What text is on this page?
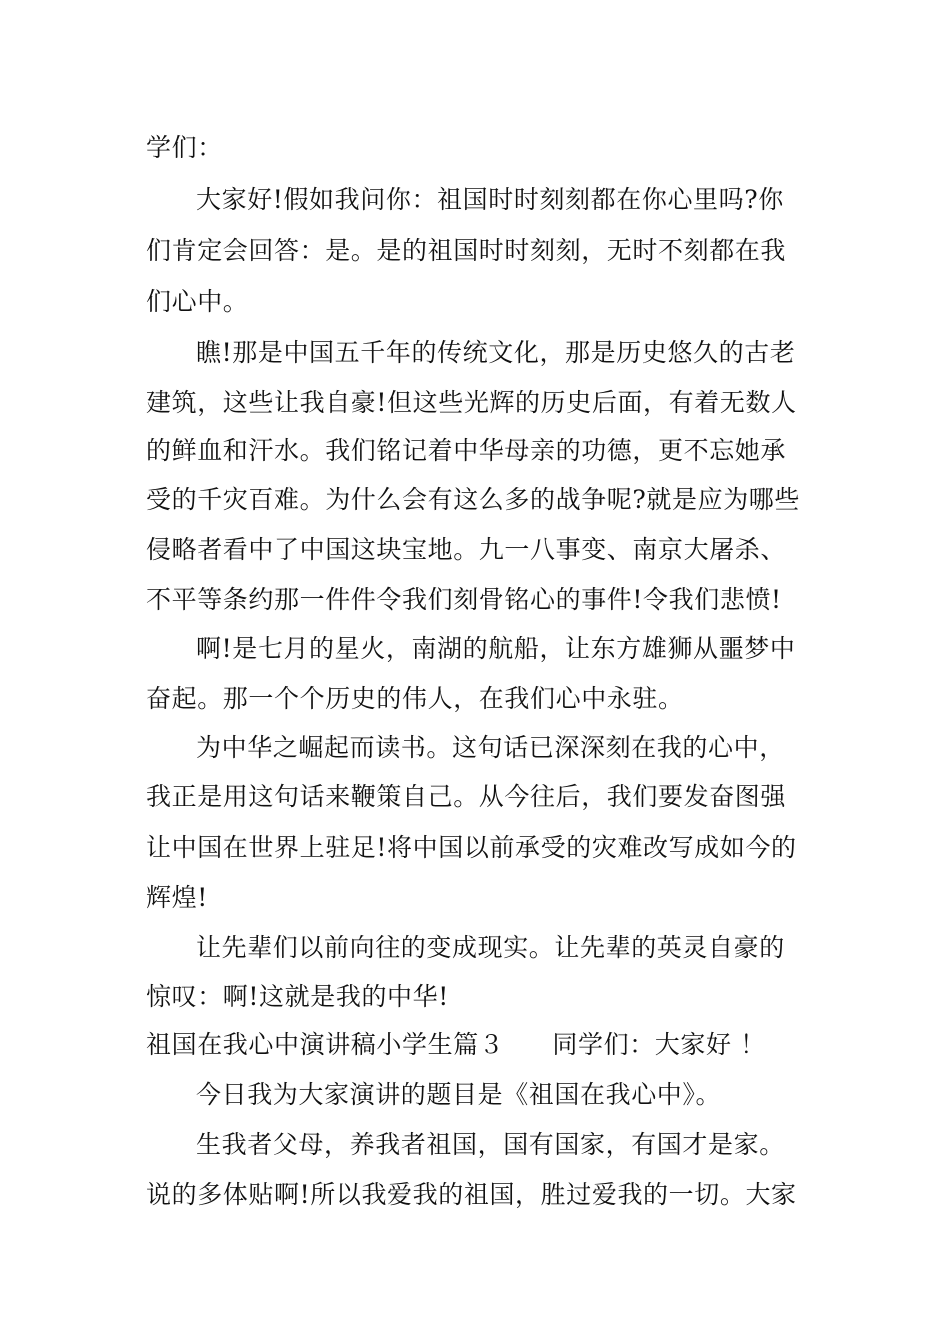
学们：
大家好!假如我问你：祖国时时刻刻都在你心里吗?你
们肯定会回答：是。是的祖国时时刻刻，无时不刻都在我
们心中。
瞧!那是中国五千年的传统文化，那是历史悠久的古老
建筑，这些让我自豪!但这些光辉的历史后面，有着无数人
的鲜血和汗水。我们铭记着中华母亲的功德，更不忘她承
受的千灾百难。为什么会有这么多的战争呢?就是应为哪些
侵略者看中了中国这块宝地。九一八事变、南京大屠杀、
不平等条约那一件件令我们刻骨铭心的事件!令我们悲愤!
啊!是七月的星火，南湖的航船，让东方雄狮从噩梦中
奋起。那一个个历史的伟人，在我们心中永驻。
为中华之崛起而读书。这句话已深深刻在我的心中，
我正是用这句话来鞭策自己。从今往后，我们要发奋图强
让中国在世界上驻足!将中国以前承受的灾难改写成如今的
辉煌!
让先辈们以前向往的变成现实。让先辈的英灵自豪的
惊叹：啊!这就是我的中华!
祖国在我心中演讲稿小学生篇３ 同学们：大家好 ！
今日我为大家演讲的题目是《祖国在我心中》。
生我者父母，养我者祖国，国有国家，有国才是家。
说的多体贴啊!所以我爱我的祖国，胜过爱我的一切。大家
